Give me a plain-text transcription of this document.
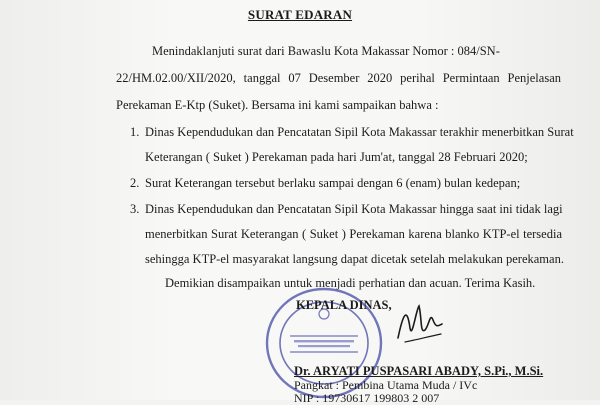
SURAT EDARAN
Menindaklanjuti surat dari Bawaslu Kota Makassar Nomor : 084/SN-
22/HM.02.00/XII/2020, tanggal 07 Desember 2020 perihal Permintaan Penjelasan
Perekaman E-Ktp (Suket). Bersama ini kami sampaikan bahwa :
1. Dinas Kependudukan dan Pencatatan Sipil Kota Makassar terakhir menerbitkan Surat
Keterangan ( Suket ) Perekaman pada hari Jum'at, tanggal 28 Februari 2020;
2. Surat Keterangan tersebut berlaku sampai dengan 6 (enam) bulan kedepan;
3. Dinas Kependudukan dan Pencatatan Sipil Kota Makassar hingga saat ini tidak lagi
menerbitkan Surat Keterangan ( Suket ) Perekaman karena blanko KTP-el tersedia
sehingga KTP-el masyarakat langsung dapat dicetak setelah melakukan perekaman.
Demikian disampaikan untuk menjadi perhatian dan acuan. Terima Kasih.
KEPALA DINAS,
Dr. ARYATI PUSPASARI ABADY, S.Pi., M.Si.
Pangkat : Pembina Utama Muda / IVc
NIP : 19730617 199803 2 007
